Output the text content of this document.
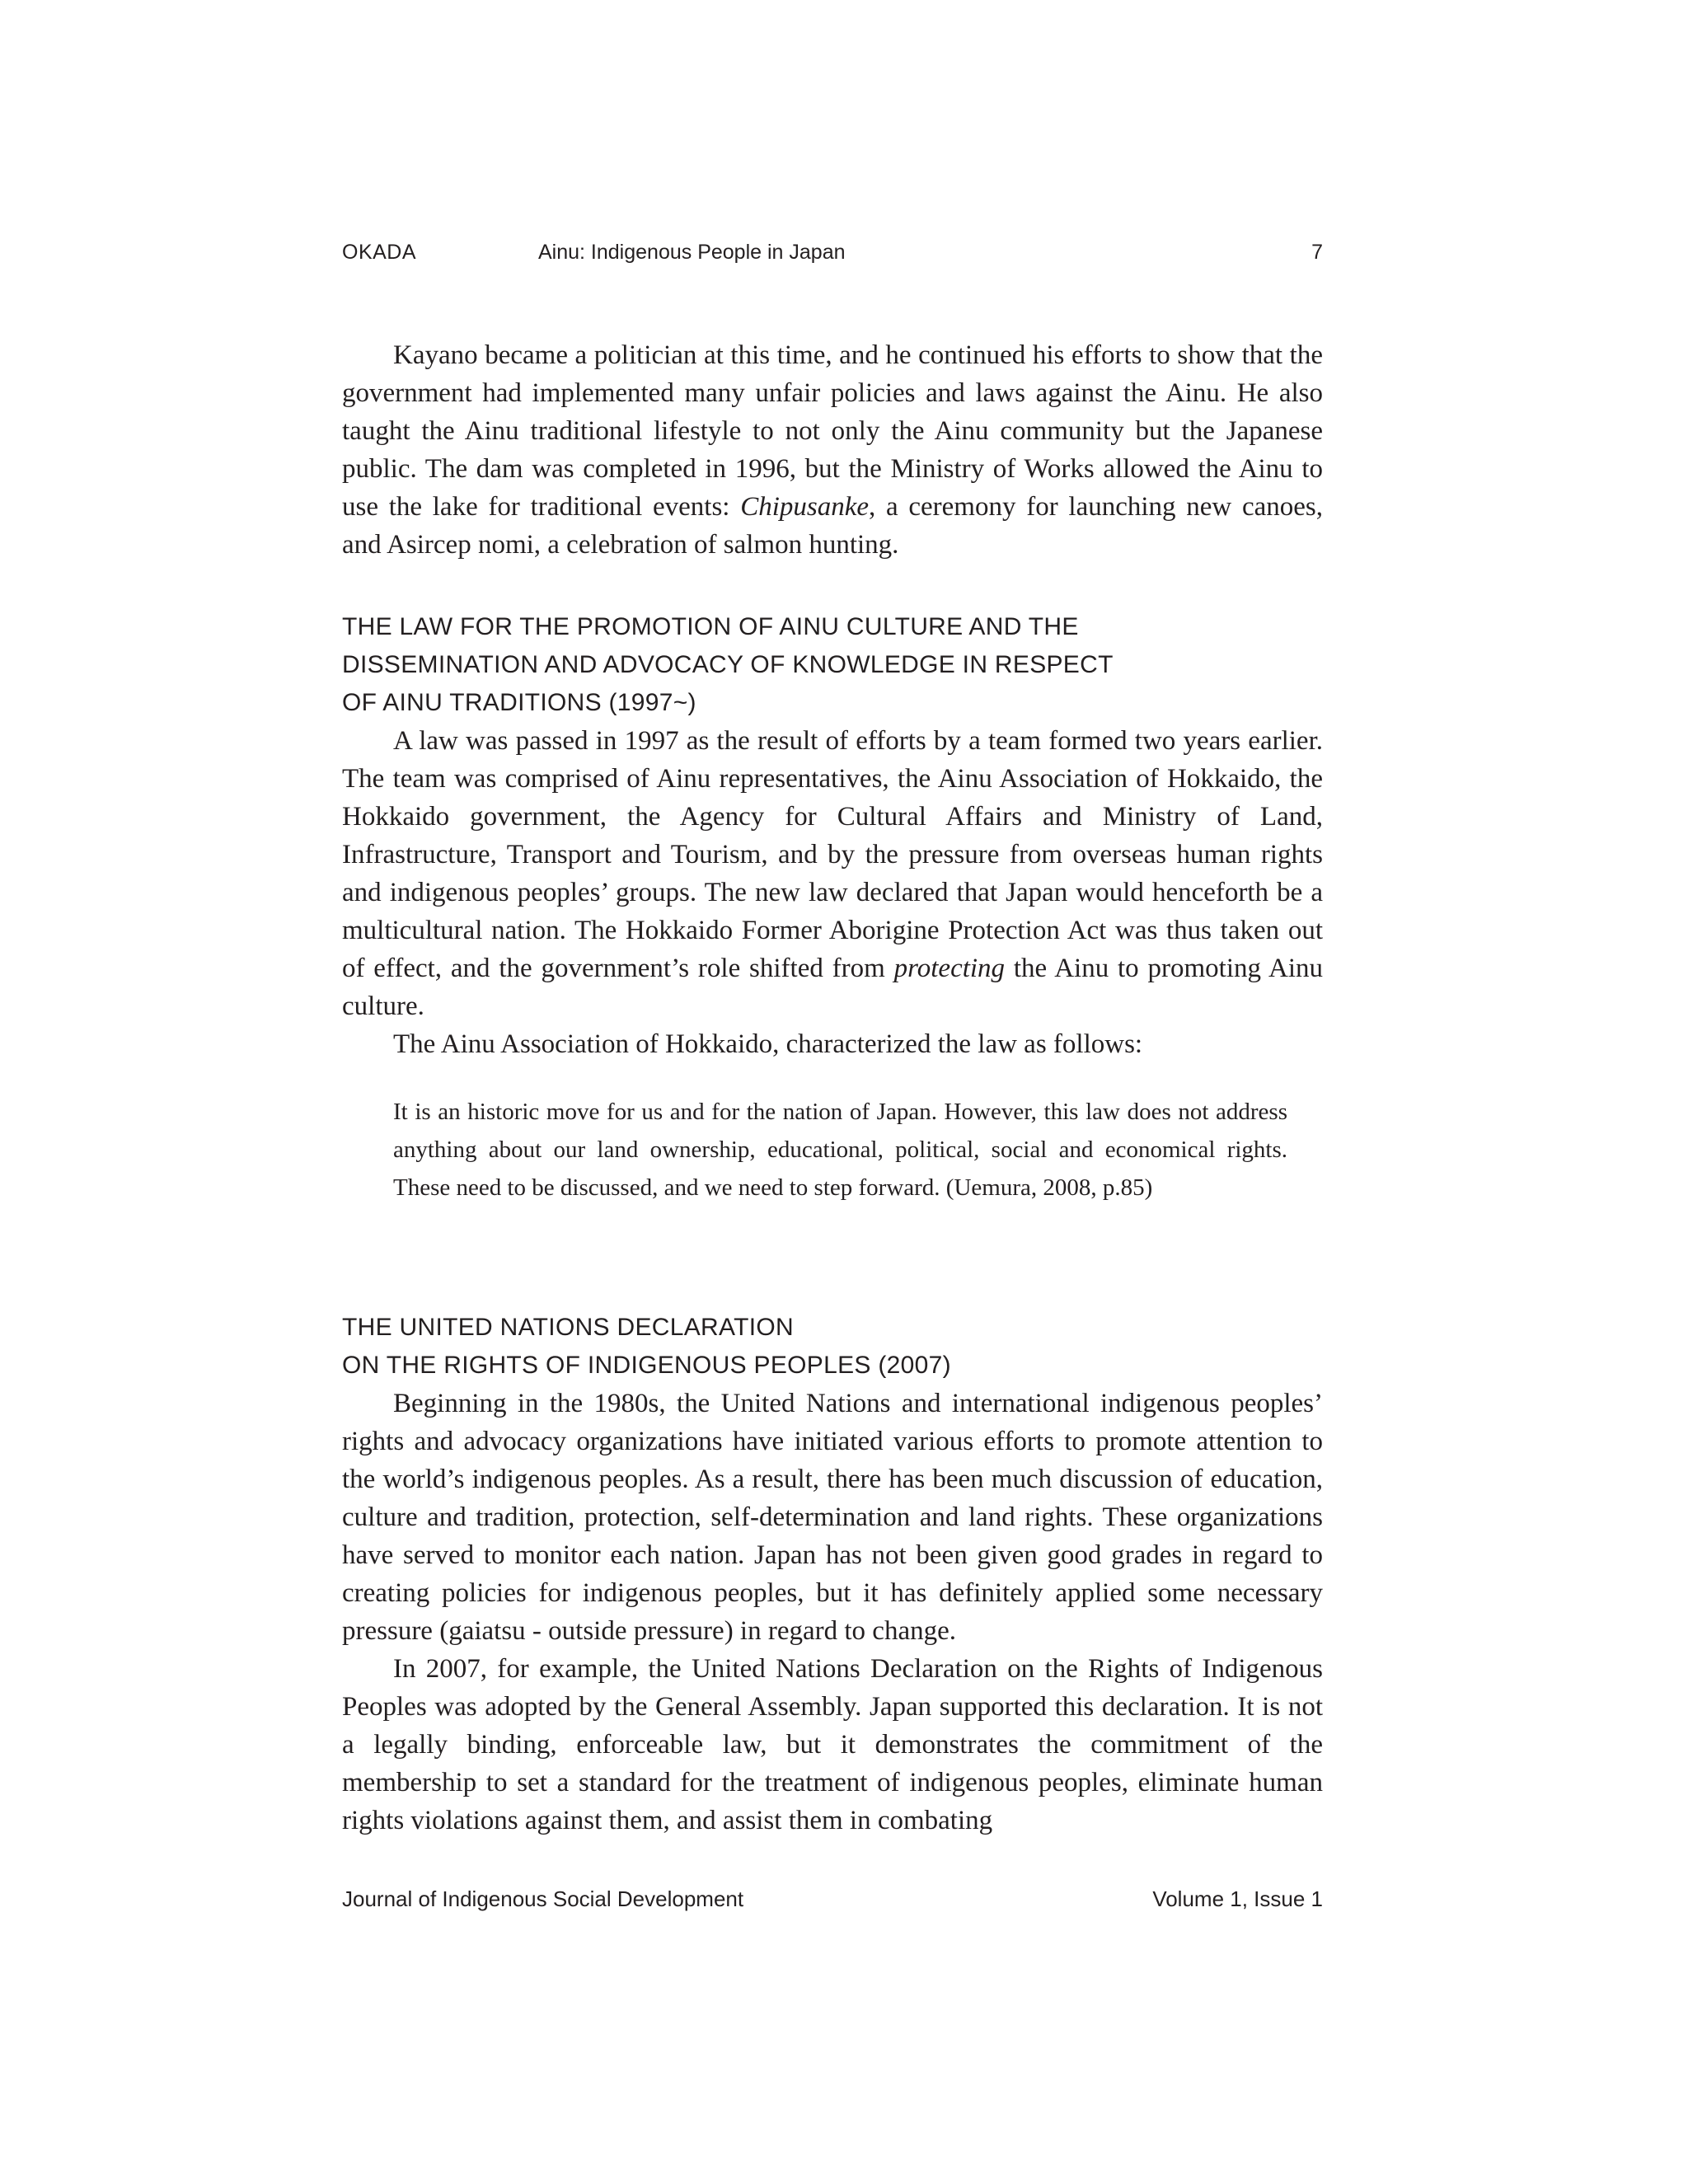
OKADA	Ainu: Indigenous People in Japan	7

Kayano became a politician at this time, and he continued his efforts to show that the government had implemented many unfair policies and laws against the Ainu. He also taught the Ainu traditional lifestyle to not only the Ainu community but the Japanese public. The dam was completed in 1996, but the Ministry of Works allowed the Ainu to use the lake for traditional events: Chipusanke, a ceremony for launching new canoes, and Asircep nomi, a celebration of salmon hunting.

THE LAW FOR THE PROMOTION OF AINU CULTURE AND THE
DISSEMINATION AND ADVOCACY OF KNOWLEDGE IN RESPECT
OF AINU TRADITIONS (1997~)

A law was passed in 1997 as the result of efforts by a team formed two years earlier. The team was comprised of Ainu representatives, the Ainu Association of Hokkaido, the Hokkaido government, the Agency for Cultural Affairs and Ministry of Land, Infrastructure, Transport and Tourism, and by the pressure from overseas human rights and indigenous peoples’ groups. The new law declared that Japan would henceforth be a multicultural nation. The Hokkaido Former Aborigine Protection Act was thus taken out of effect, and the government’s role shifted from protecting the Ainu to promoting Ainu culture.

The Ainu Association of Hokkaido, characterized the law as follows:

It is an historic move for us and for the nation of Japan. However, this law does not address anything about our land ownership, educational, political, social and economical rights. These need to be discussed, and we need to step forward. (Uemura, 2008, p.85)
THE UNITED NATIONS DECLARATION
ON THE RIGHTS OF INDIGENOUS PEOPLES (2007)

Beginning in the 1980s, the United Nations and international indigenous peoples’ rights and advocacy organizations have initiated various efforts to promote attention to the world’s indigenous peoples. As a result, there has been much discussion of education, culture and tradition, protection, self-determination and land rights. These organizations have served to monitor each nation. Japan has not been given good grades in regard to creating policies for indigenous peoples, but it has definitely applied some necessary pressure (gaiatsu - outside pressure) in regard to change.

In 2007, for example, the United Nations Declaration on the Rights of Indigenous Peoples was adopted by the General Assembly. Japan supported this declaration. It is not a legally binding, enforceable law, but it demonstrates the commitment of the membership to set a standard for the treatment of indigenous peoples, eliminate human rights violations against them, and assist them in combating

Journal of Indigenous Social Development	Volume 1, Issue 1
